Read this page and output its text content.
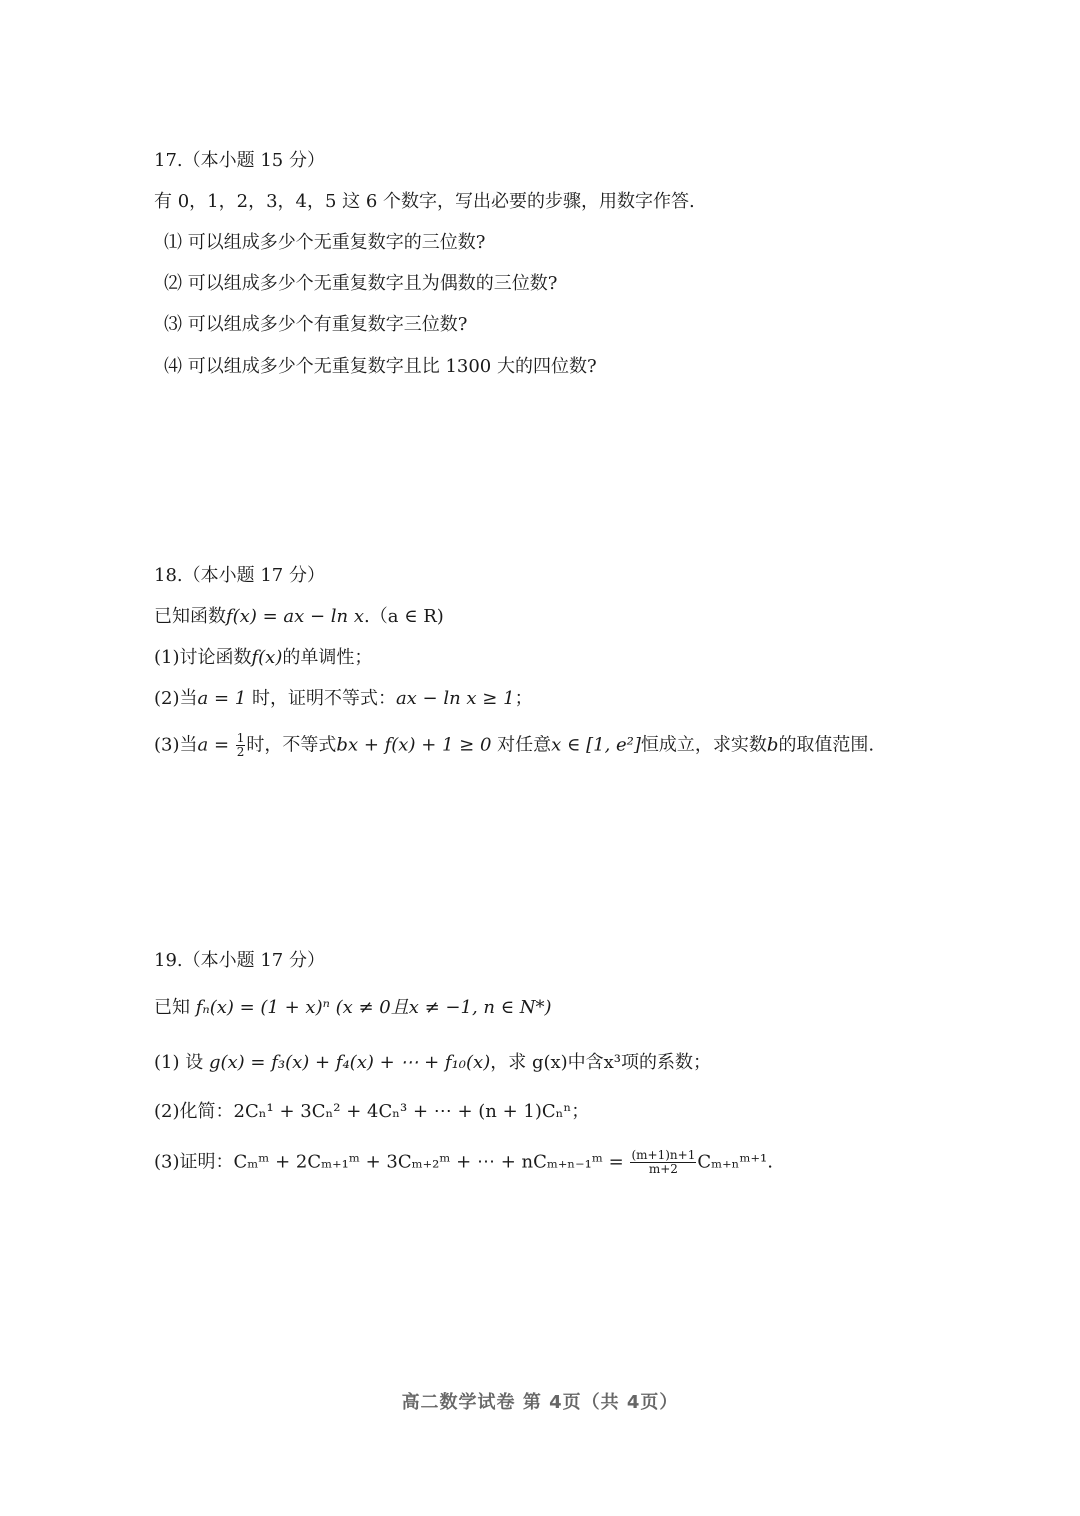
17.（本小题 15 分）
有 0，1，2，3，4，5 这 6 个数字，写出必要的步骤，用数字作答.
⑴ 可以组成多少个无重复数字的三位数?
⑵ 可以组成多少个无重复数字且为偶数的三位数?
⑶ 可以组成多少个有重复数字三位数?
⑷ 可以组成多少个无重复数字且比 1300 大的四位数?
18.（本小题 17 分）
已知函数f(x) = ax − ln x.（a ∈ R)
(1)讨论函数f(x)的单调性；
(2)当a = 1 时，证明不等式：ax − ln x ≥ 1；
(3)当$a = \frac{1}{2}$ 时，不等式bx + f(x) + 1 ≥ 0 对任意x ∈ [1, e²]恒成立，求实数b的取值范围.
19.（本小题 17 分）
已知 fₙ(x) = (1 + x)ⁿ (x ≠ 0且x ≠ −1, n ∈ N*)
(1) 设 g(x) = f₃(x) + f₄(x) + ⋯ + f₁₀(x)，求 g(x)中含x³项的系数；
(2)化简：2Cₙ¹ + 3Cₙ² + 4Cₙ³ + ⋯ + (n + 1)Cₙⁿ；
(3)证明：Cₘᵐ + 2Cₘ₊₁ᵐ + 3Cₘ₊₂ᵐ + ⋯ + nCₘ₊ₙ₋₁ᵐ = $\frac{(m+1)n+1}{m+2}$ Cₘ₊ₙᵐ⁺¹.
高二数学试卷 第 4页（共 4页）
